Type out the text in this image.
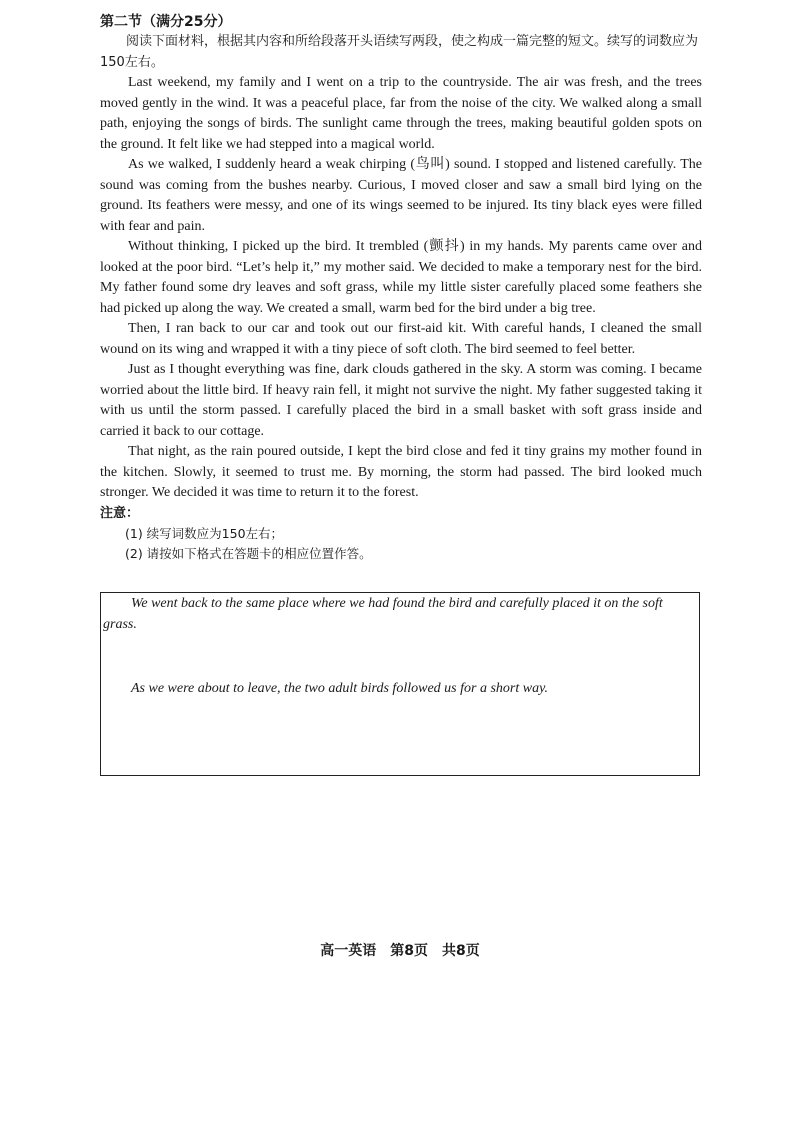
第二节（满分25分）

阅读下面材料，根据其内容和所给段落开头语续写两段，使之构成一篇完整的短文。续写的词数应为150左右。

Last weekend, my family and I went on a trip to the countryside. The air was fresh, and the trees moved gently in the wind. It was a peaceful place, far from the noise of the city. We walked along a small path, enjoying the songs of birds. The sunlight came through the trees, making beautiful golden spots on the ground. It felt like we had stepped into a magical world.

As we walked, I suddenly heard a weak chirping (鸟叫) sound. I stopped and listened carefully. The sound was coming from the bushes nearby. Curious, I moved closer and saw a small bird lying on the ground. Its feathers were messy, and one of its wings seemed to be injured. Its tiny black eyes were filled with fear and pain.

Without thinking, I picked up the bird. It trembled (颤抖) in my hands. My parents came over and looked at the poor bird. “Let’s help it,” my mother said. We decided to make a temporary nest for the bird. My father found some dry leaves and soft grass, while my little sister carefully placed some feathers she had picked up along the way. We created a small, warm bed for the bird under a big tree.

Then, I ran back to our car and took out our first-aid kit. With careful hands, I cleaned the small wound on its wing and wrapped it with a tiny piece of soft cloth. The bird seemed to feel better.

Just as I thought everything was fine, dark clouds gathered in the sky. A storm was coming. I became worried about the little bird. If heavy rain fell, it might not survive the night. My father suggested taking it with us until the storm passed. I carefully placed the bird in a small basket with soft grass inside and carried it back to our cottage.

That night, as the rain poured outside, I kept the bird close and fed it tiny grains my mother found in the kitchen. Slowly, it seemed to trust me. By morning, the storm had passed. The bird looked much stronger. We decided it was time to return it to the forest.

注意：

(1) 续写词数应为150左右；

(2) 请按如下格式在答题卡的相应位置作答。

We went back to the same place where we had found the bird and carefully placed it on the soft grass.

As we were about to leave, the two adult birds followed us for a short way.

高一英语　第8页　共8页
